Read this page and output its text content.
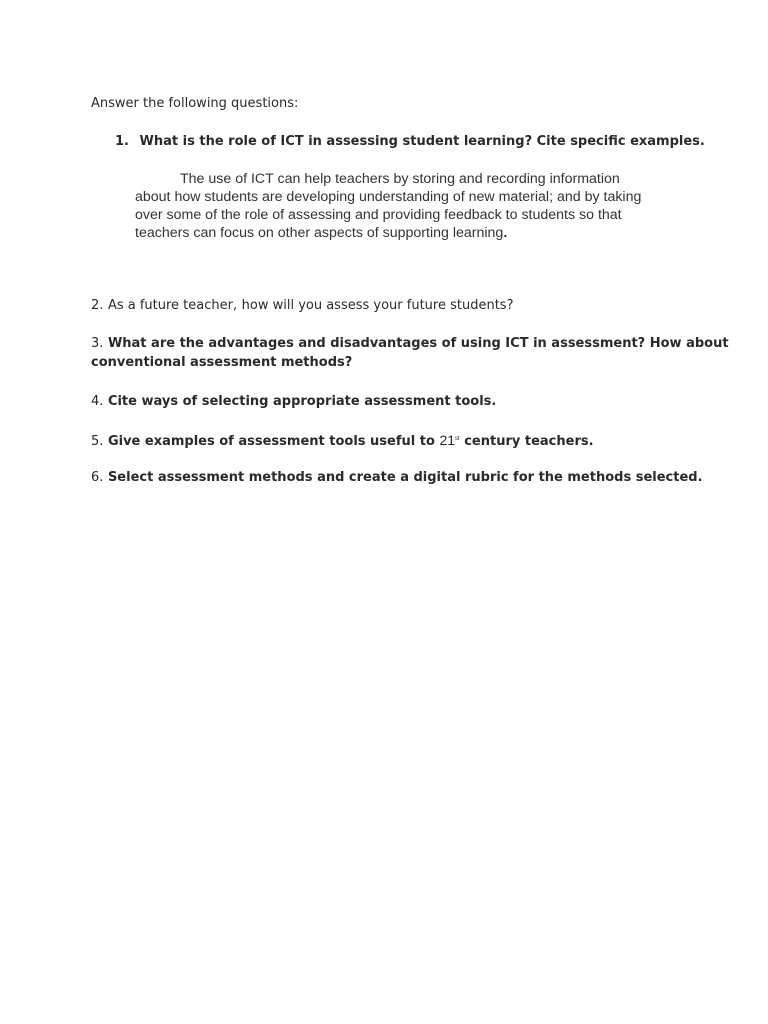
Answer the following questions:
1. What is the role of ICT in assessing student learning? Cite specific examples.
The use of ICT can help teachers by storing and recording information
about how students are developing understanding of new material; and by taking
over some of the role of assessing and providing feedback to students so that
teachers can focus on other aspects of supporting learning.
2. As a future teacher, how will you assess your future students?
3. What are the advantages and disadvantages of using ICT in assessment? How about
conventional assessment methods?
4. Cite ways of selecting appropriate assessment tools.
5. Give examples of assessment tools useful to 21st century teachers.
6. Select assessment methods and create a digital rubric for the methods selected.
